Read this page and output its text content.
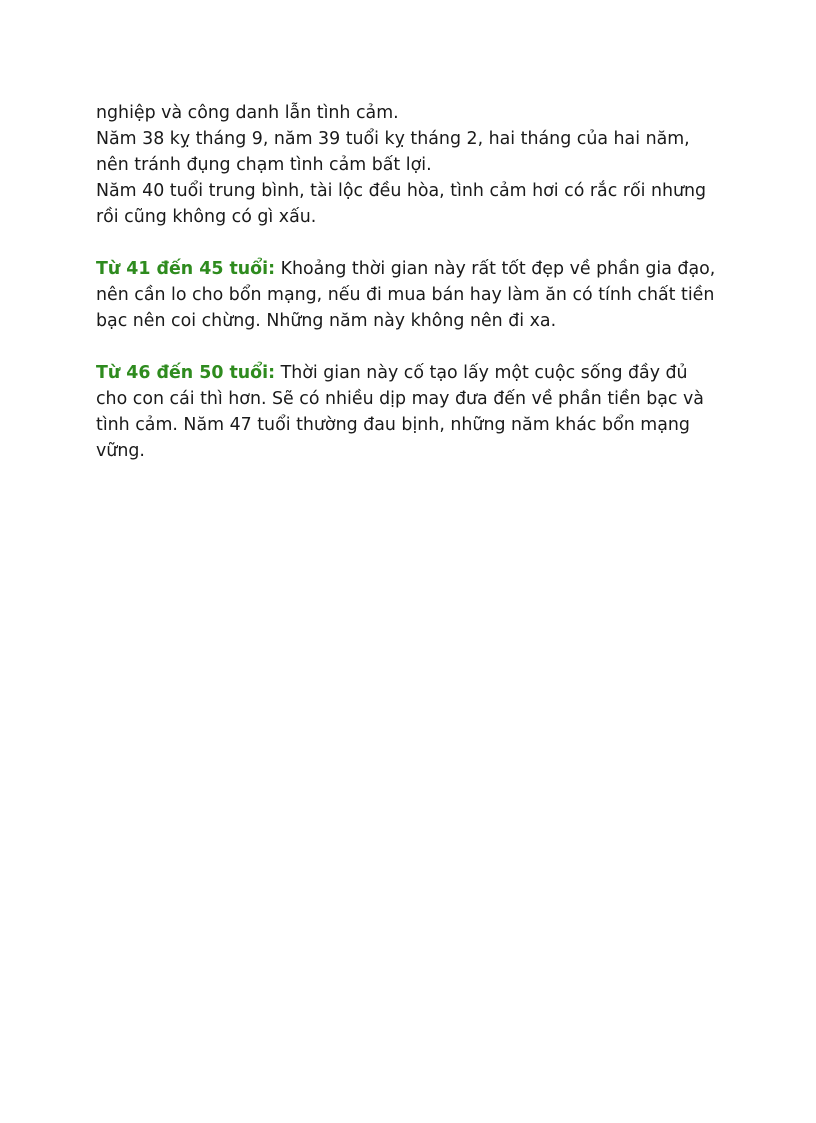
nghiệp và công danh lẫn tình cảm.
Năm 38 kỵ tháng 9, năm 39 tuổi kỵ tháng 2, hai tháng của hai năm,
nên tránh đụng chạm tình cảm bất lợi.
Năm 40 tuổi trung bình, tài lộc đều hòa, tình cảm hơi có rắc rối nhưng
rồi cũng không có gì xấu.
Từ 41 đến 45 tuổi: Khoảng thời gian này rất tốt đẹp về phần gia đạo,
nên cần lo cho bổn mạng, nếu đi mua bán hay làm ăn có tính chất tiền
bạc nên coi chừng. Những năm này không nên đi xa.
Từ 46 đến 50 tuổi: Thời gian này cố tạo lấy một cuộc sống đầy đủ
cho con cái thì hơn. Sẽ có nhiều dịp may đưa đến về phần tiền bạc và
tình cảm. Năm 47 tuổi thường đau bịnh, những năm khác bổn mạng
vững.
